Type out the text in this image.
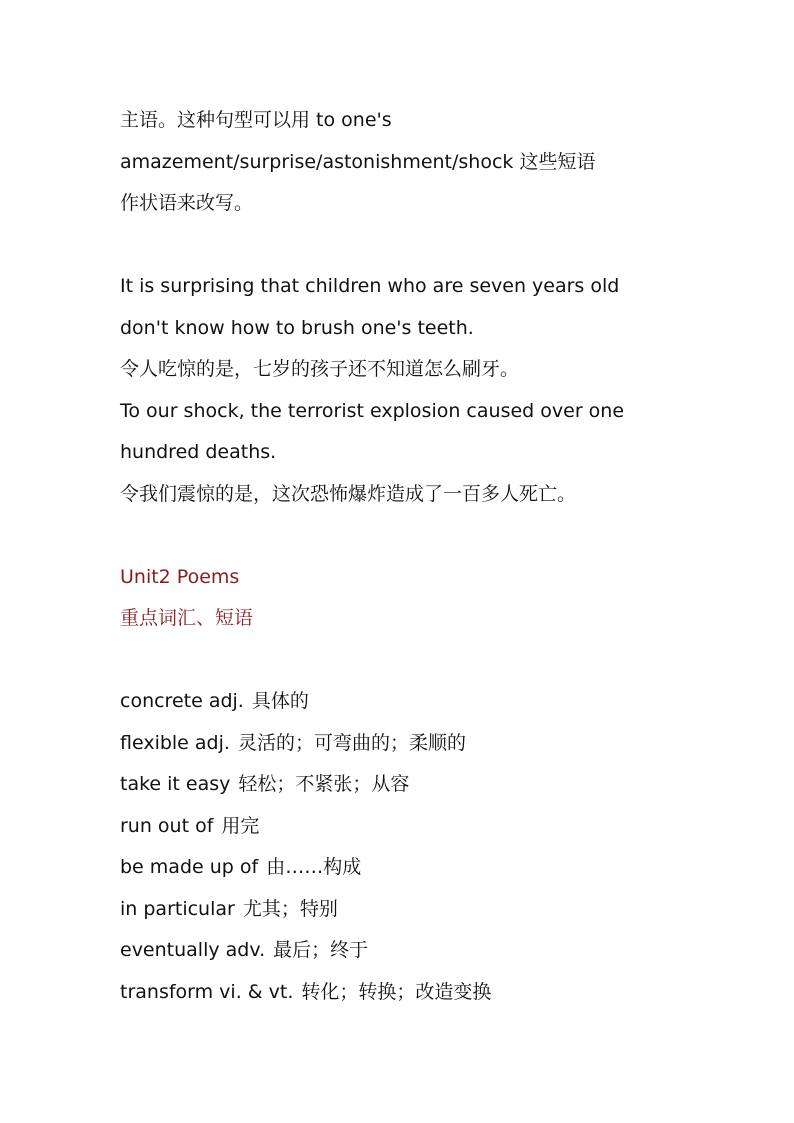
主语。这种句型可以用 to one's

amazement/surprise/astonishment/shock 这些短语

作状语来改写。

It is surprising that children who are seven years old

don't know how to brush one's teeth.

令人吃惊的是，七岁的孩子还不知道怎么刷牙。

To our shock, the terrorist explosion caused over one

hundred deaths.

令我们震惊的是，这次恐怖爆炸造成了一百多人死亡。

Unit2 Poems

重点词汇、短语

concrete adj. 具体的

flexible adj. 灵活的；可弯曲的；柔顺的

take it easy 轻松；不紧张；从容

run out of 用完

be made up of 由……构成

in particular 尤其；特别

eventually adv. 最后；终于

transform vi. & vt. 转化；转换；改造变换
